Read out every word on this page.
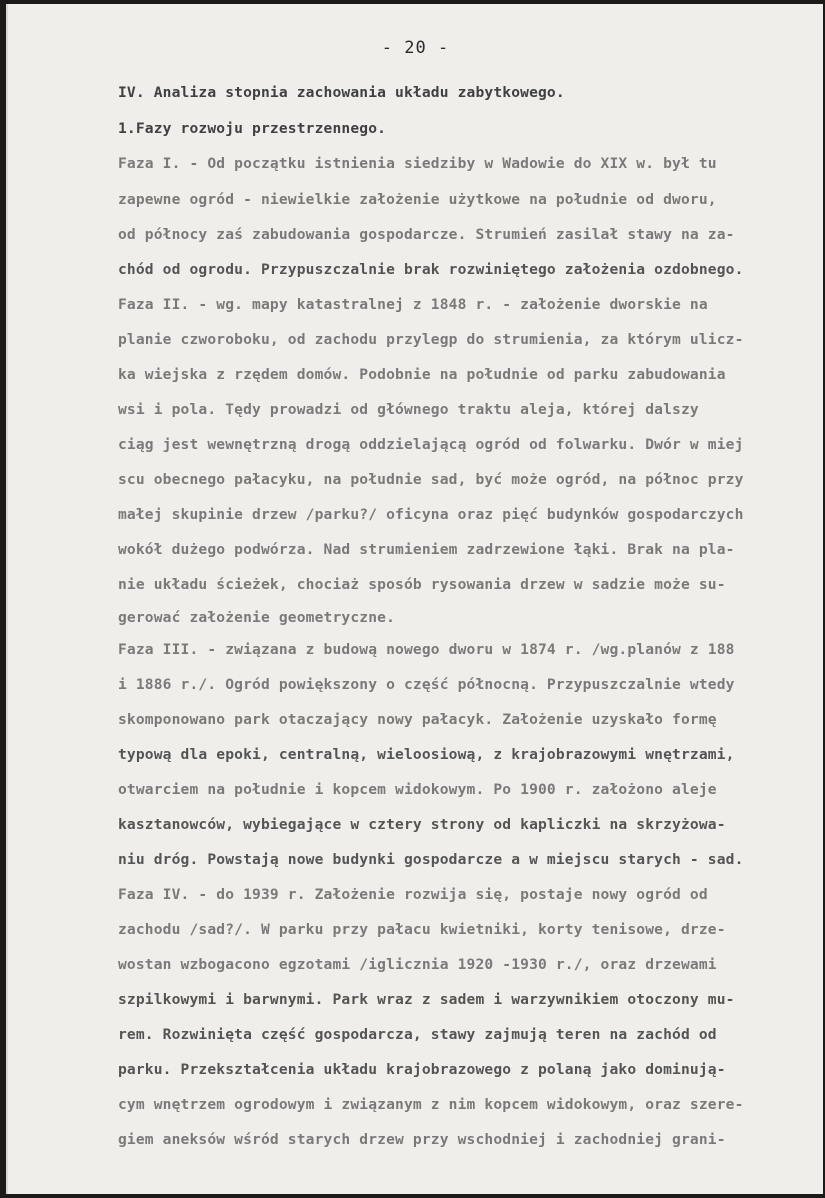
- 20 -
IV. Analiza stopnia zachowania układu zabytkowego.
1.Fazy rozwoju przestrzennego.
Faza I. - Od początku istnienia siedziby w Wadowie do XIX w. był tu
zapewne ogród - niewielkie założenie użytkowe na południe od dworu,
od północy zaś zabudowania gospodarcze. Strumień zasilał stawy na za-
chód od ogrodu. Przypuszczalnie brak rozwiniętego założenia ozdobnego.
Faza II. - wg. mapy katastralnej z 1848 r. - założenie dworskie na
planie czworoboku, od zachodu przylegp do strumienia, za którym ulicz-
ka wiejska z rzędem domów. Podobnie na południe od parku zabudowania
wsi i pola. Tędy prowadzi od głównego traktu aleja, której dalszy
ciąg jest wewnętrzną drogą oddzielającą ogród od folwarku. Dwór w miej
scu obecnego pałacyku, na południe sad, być może ogród, na północ przy
małej skupinie drzew /parku?/ oficyna oraz pięć budynków gospodarczych
wokół dużego podwórza. Nad strumieniem zadrzewione łąki. Brak na pla-
nie układu ścieżek, chociaż sposób rysowania drzew w sadzie może su-
gerować założenie geometryczne.
Faza III. - związana z budową nowego dworu w 1874 r. /wg.planów z 188
i 1886 r./. Ogród powiększony o część północną. Przypuszczalnie wtedy
skomponowano park otaczający nowy pałacyk. Założenie uzyskało formę
typową dla epoki, centralną, wieloosiową, z krajobrazowymi wnętrzami,
otwarciem na południe i kopcem widokowym. Po 1900 r. założono aleje
kasztanowców, wybiegające w cztery strony od kapliczki na skrzyżowa-
niu dróg. Powstają nowe budynki gospodarcze a w miejscu starych - sad.
Faza IV. - do 1939 r. Założenie rozwija się, postaje nowy ogród od
zachodu /sad?/. W parku przy pałacu kwietniki, korty tenisowe, drze-
wostan wzbogacono egzotami /iglicznia 1920 -1930 r./, oraz drzewami
szpilkowymi i barwnymi. Park wraz z sadem i warzywnikiem otoczony mu-
rem. Rozwinięta część gospodarcza, stawy zajmują teren na zachód od
parku. Przekształcenia układu krajobrazowego z polaną jako dominują-
cym wnętrzem ogrodowym i związanym z nim kopcem widokowym, oraz szere-
giem aneksów wśród starych drzew przy wschodniej i zachodniej grani-
